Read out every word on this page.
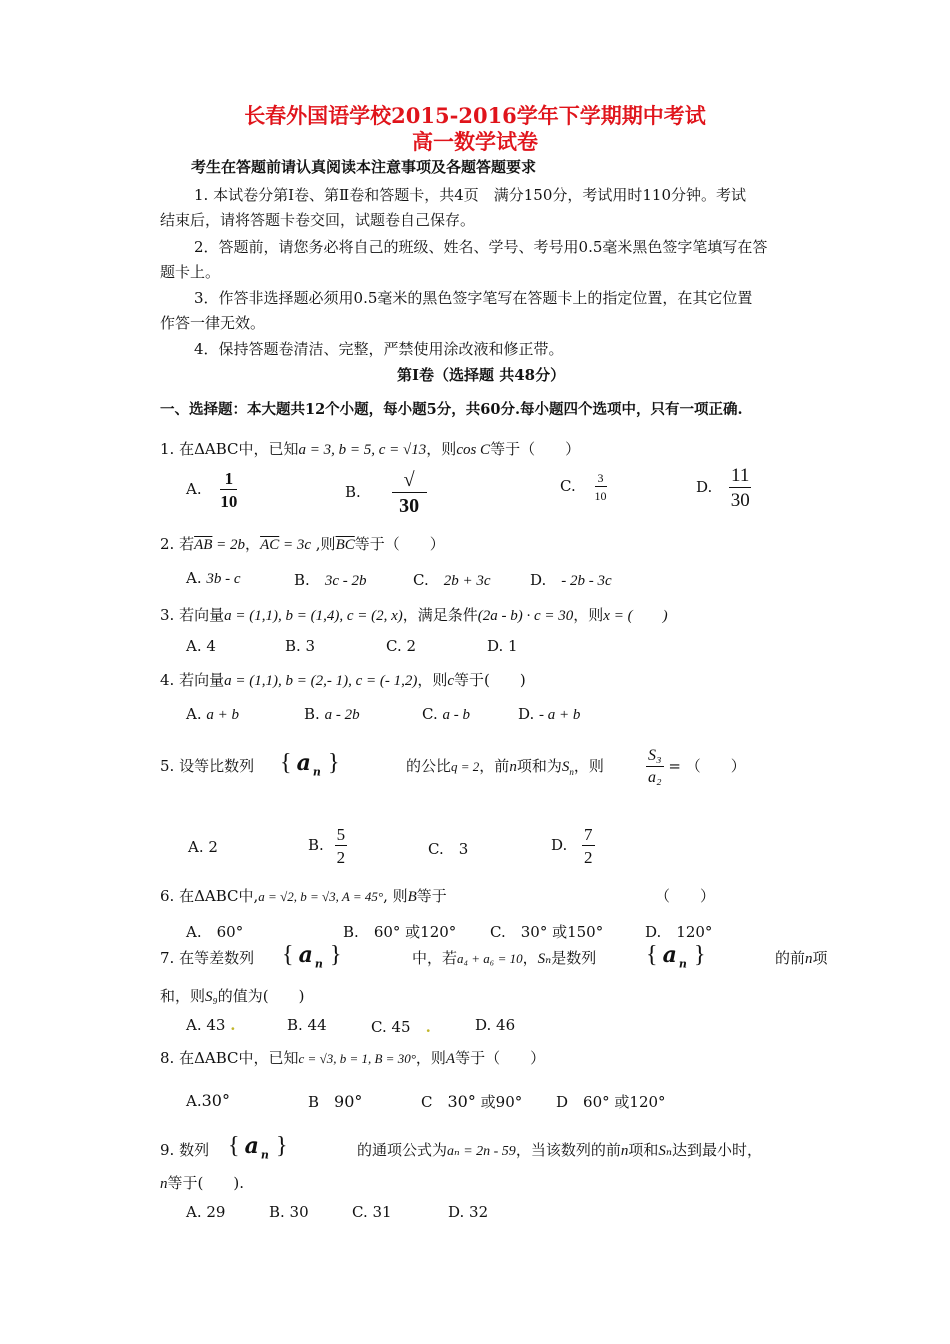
长春外国语学校2015-2016学年下学期期中考试
高一数学试卷
考生在答题前请认真阅读本注意事项及各题答题要求
1. 本试卷分第Ⅰ卷、第Ⅱ卷和答题卡，共4页　满分150分，考试用时110分钟。考试
结束后，请将答题卡卷交回，试题卷自己保存。
2．答题前，请您务必将自己的班级、姓名、学号、考号用0.5毫米黑色签字笔填写在答
题卡上。
3．作答非选择题必须用0.5毫米的黑色签字笔写在答题卡上的指定位置，在其它位置
作答一律无效。
4．保持答题卷清洁、完整，严禁使用涂改液和修正带。
第Ⅰ卷（选择题 共48分）
一、选择题：本大题共12个小题，每小题5分，共60分.每小题四个选项中，只有一项正确.
1. 在ΔABC中，已知a = 3, b = 5, c = √13，则cos C等于（　　）
A. $\frac{1}{10}$	B. $\frac{√}{30}$	C. $\frac{3}{10}$	D. $\frac{11}{30}$
2. 若$\overline{AB} = 2b$，$\overline{AC} = 3c$ ,则$\overline{BC}$等于（　　）
A. 3b - c	B.　 3c - 2b	C.　 2b + 3c	D.　 - 2b - 3c
3. 若向量a = (1,1), b = (1,4), c = (2, x)，满足条件(2a - b) · c = 30，则x = (　　)
A. 4	B. 3	C. 2	D. 1
4. 若向量a = (1,1), b = (2,- 1), c = (- 1,2)，则c等于(　　)
A. a + b	B. a - 2b	C. a - b	D. - a + b
5. 设等比数列 { $a_n$ }	的公比q = 2，前n项和为$S_n$，则	$\frac{\text{S₃}}{\text{a₂}}$ = （　　）
A. 2	B. $\frac{5}{2}$	C.　 3	D. $\frac{7}{2}$
6. 在ΔABC中,a = √2, b = √3, A = 45°, 则B等于	（　　）
A.　 60°	B.　 60° 或120° C.　 30° 或150°	D.　 120°
7. 在等差数列 { $a_n$ }	中，若a₄ + a₆ = 10，Sₙ是数列 { $a_n$ }	的前n项
和，则S₉的值为(　　)
A. 43 .	B. 44	C. 45　 .	D. 46
8. 在ΔABC中，已知c = √3, b = 1, B = 30°，则A等于（　　）
A.30°	B　 90°	C　 30° 或90° D　 60° 或120°
9. 数列 { $a_n$ }	的通项公式为aₙ = 2n - 59，当该数列的前n项和Sₙ达到最小时，
n等于(　　).
A. 29	B. 30	C. 31	D. 32
